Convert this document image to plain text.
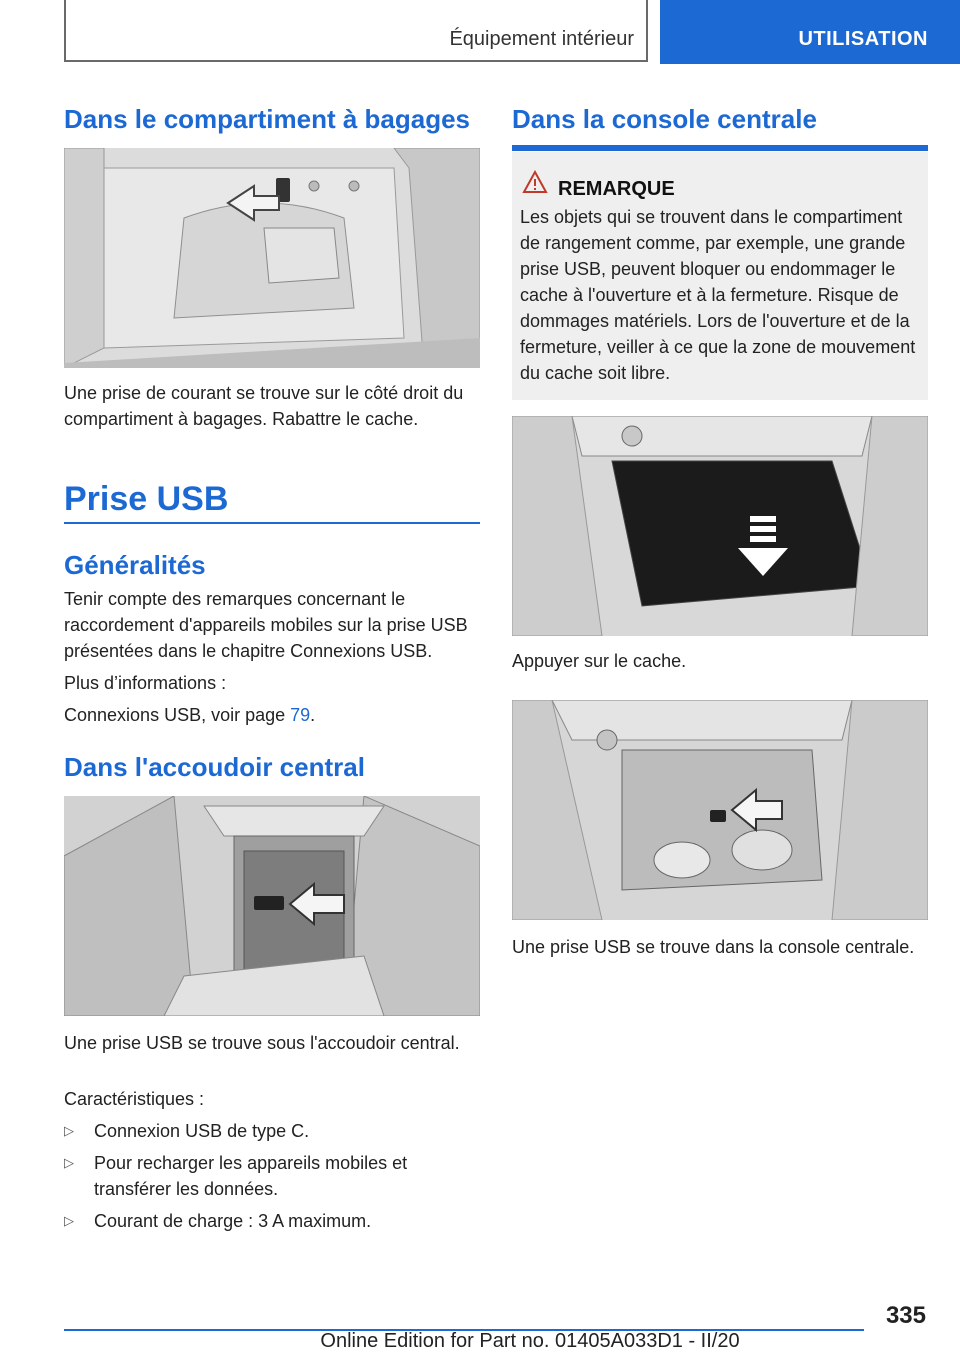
Équipement intérieur	UTILISATION
Dans le compartiment à bagages
Une prise de courant se trouve sur le côté droit du compartiment à bagages. Rabattre le cache.
Prise USB
Généralités
Tenir compte des remarques concernant le raccordement d'appareils mobiles sur la prise USB présentées dans le chapitre Connexions USB.
Plus d’informations :
Connexions USB, voir page 79.
Dans l'accoudoir central
Une prise USB se trouve sous l'accoudoir central.
Caractéristiques :
▷ Connexion USB de type C.
▷ Pour recharger les appareils mobiles et transférer les données.
▷ Courant de charge : 3 A maximum.
Dans la console centrale
REMARQUE
Les objets qui se trouvent dans le compartiment de rangement comme, par exemple, une grande prise USB, peuvent bloquer ou endommager le cache à l'ouverture et à la fermeture. Risque de dommages matériels. Lors de l'ouverture et de la fermeture, veiller à ce que la zone de mouvement du cache soit libre.
Appuyer sur le cache.
Une prise USB se trouve dans la console centrale.
335
Online Edition for Part no. 01405A033D1 - II/20
